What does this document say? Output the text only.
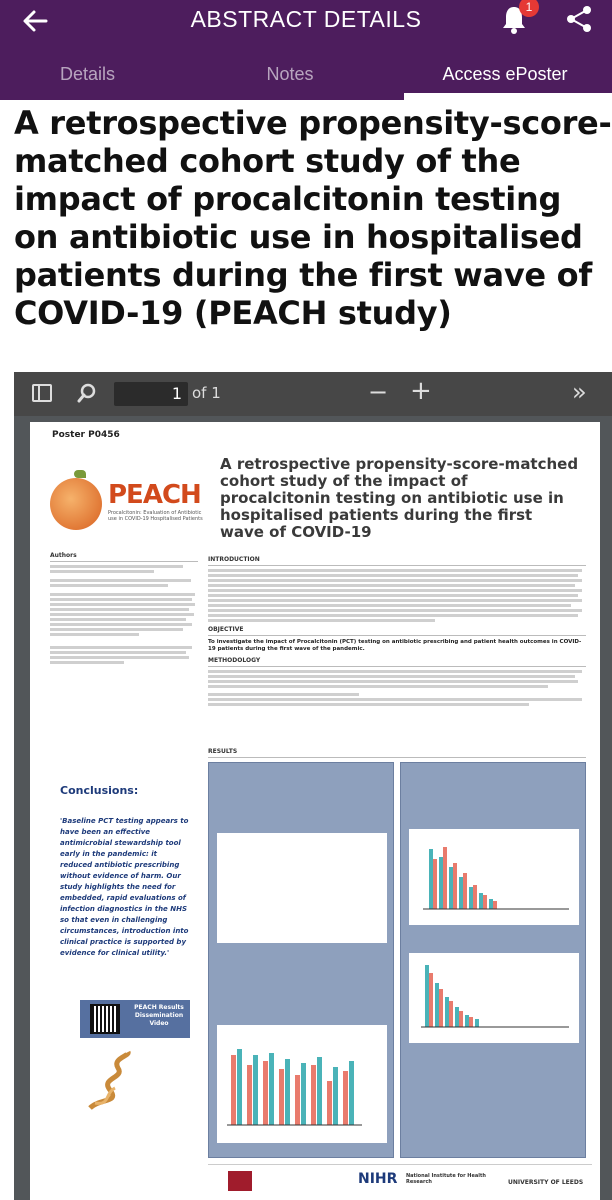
ABSTRACT DETAILS	1
Details	Notes	Access ePoster
A retrospective propensity-score-matched cohort study of the impact of procalcitonin testing on antibiotic use in hospitalised patients during the first wave of COVID-19 (PEACH study)
1 of 1	− +	»
Poster P0456
PEACH
Procalcitonin: Evaluation of Antibiotic use in COVID-19 Hospitalised Patients
A retrospective propensity-score-matched cohort study of the impact of procalcitonin testing on antibiotic use in hospitalised patients during the first wave of COVID-19
Authors
Conclusions:
'Baseline PCT testing appears to have been an effective antimicrobial stewardship tool early in the pandemic: it reduced antibiotic prescribing without evidence of harm. Our study highlights the need for embedded, rapid evaluations of infection diagnostics in the NHS so that even in challenging circumstances, introduction into clinical practice is supported by evidence for clinical utility.'
PEACH Results Dissemination Video
INTRODUCTION
OBJECTIVE
To investigate the impact of Procalcitonin (PCT) testing on antibiotic prescribing and patient health outcomes in COVID-19 patients during the first wave of the pandemic.
METHODOLOGY
RESULTS
NIHR National Institute for Health Research	UNIVERSITY OF LEEDS
